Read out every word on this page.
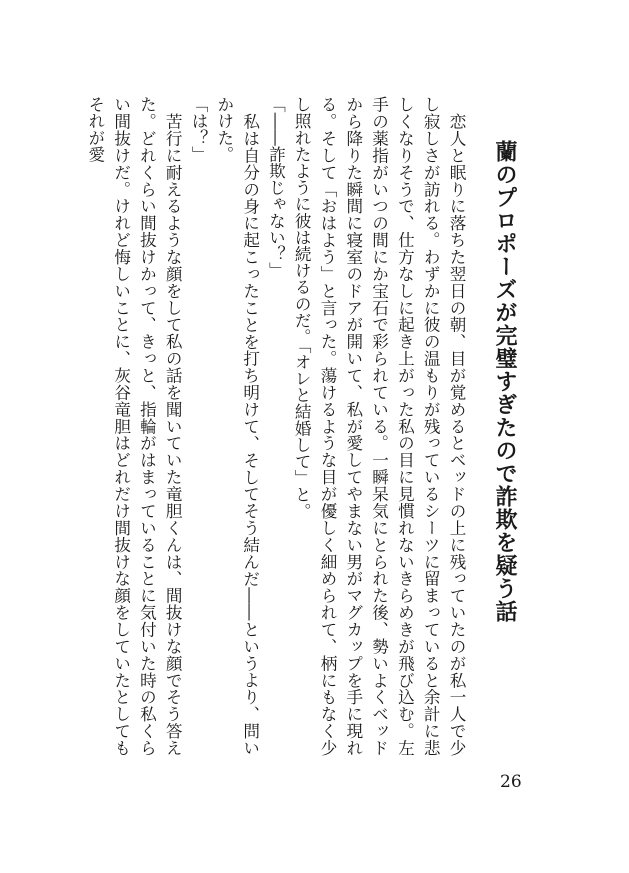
蘭のプロポーズが完璧すぎたので詐欺を疑う話

　恋人と眠りに落ちた翌日の朝、目が覚めるとベッドの上に残っていたのが私一人で少し寂しさが訪れる。わずかに彼の温もりが残っているシーツに留まっていると余計に悲しくなりそうで、仕方なしに起き上がった私の目に見慣れないきらめきが飛び込む。左手の薬指がいつの間にか宝石で彩られている。一瞬呆気にとられた後、勢いよくベッドから降りた瞬間に寝室のドアが開いて、私が愛してやまない男がマグカップを手に現れる。そして「おはよう」と言った。蕩けるような目が優しく細められて、柄にもなく少し照れたように彼は続けるのだ。「オレと結婚して」と。

「――詐欺じゃない？」

　私は自分の身に起こったことを打ち明けて、そしてそう結んだ――というより、問いかけた。

「は？」

　苦行に耐えるような顔をして私の話を聞いていた竜胆くんは、間抜けな顔でそう答えた。どれくらい間抜けかって、きっと、指輪がはまっていることに気付いた時の私くらい間抜けだ。けれど悔しいことに、灰谷竜胆はどれだけ間抜けな顔をしていたとしてもそれが愛

26
